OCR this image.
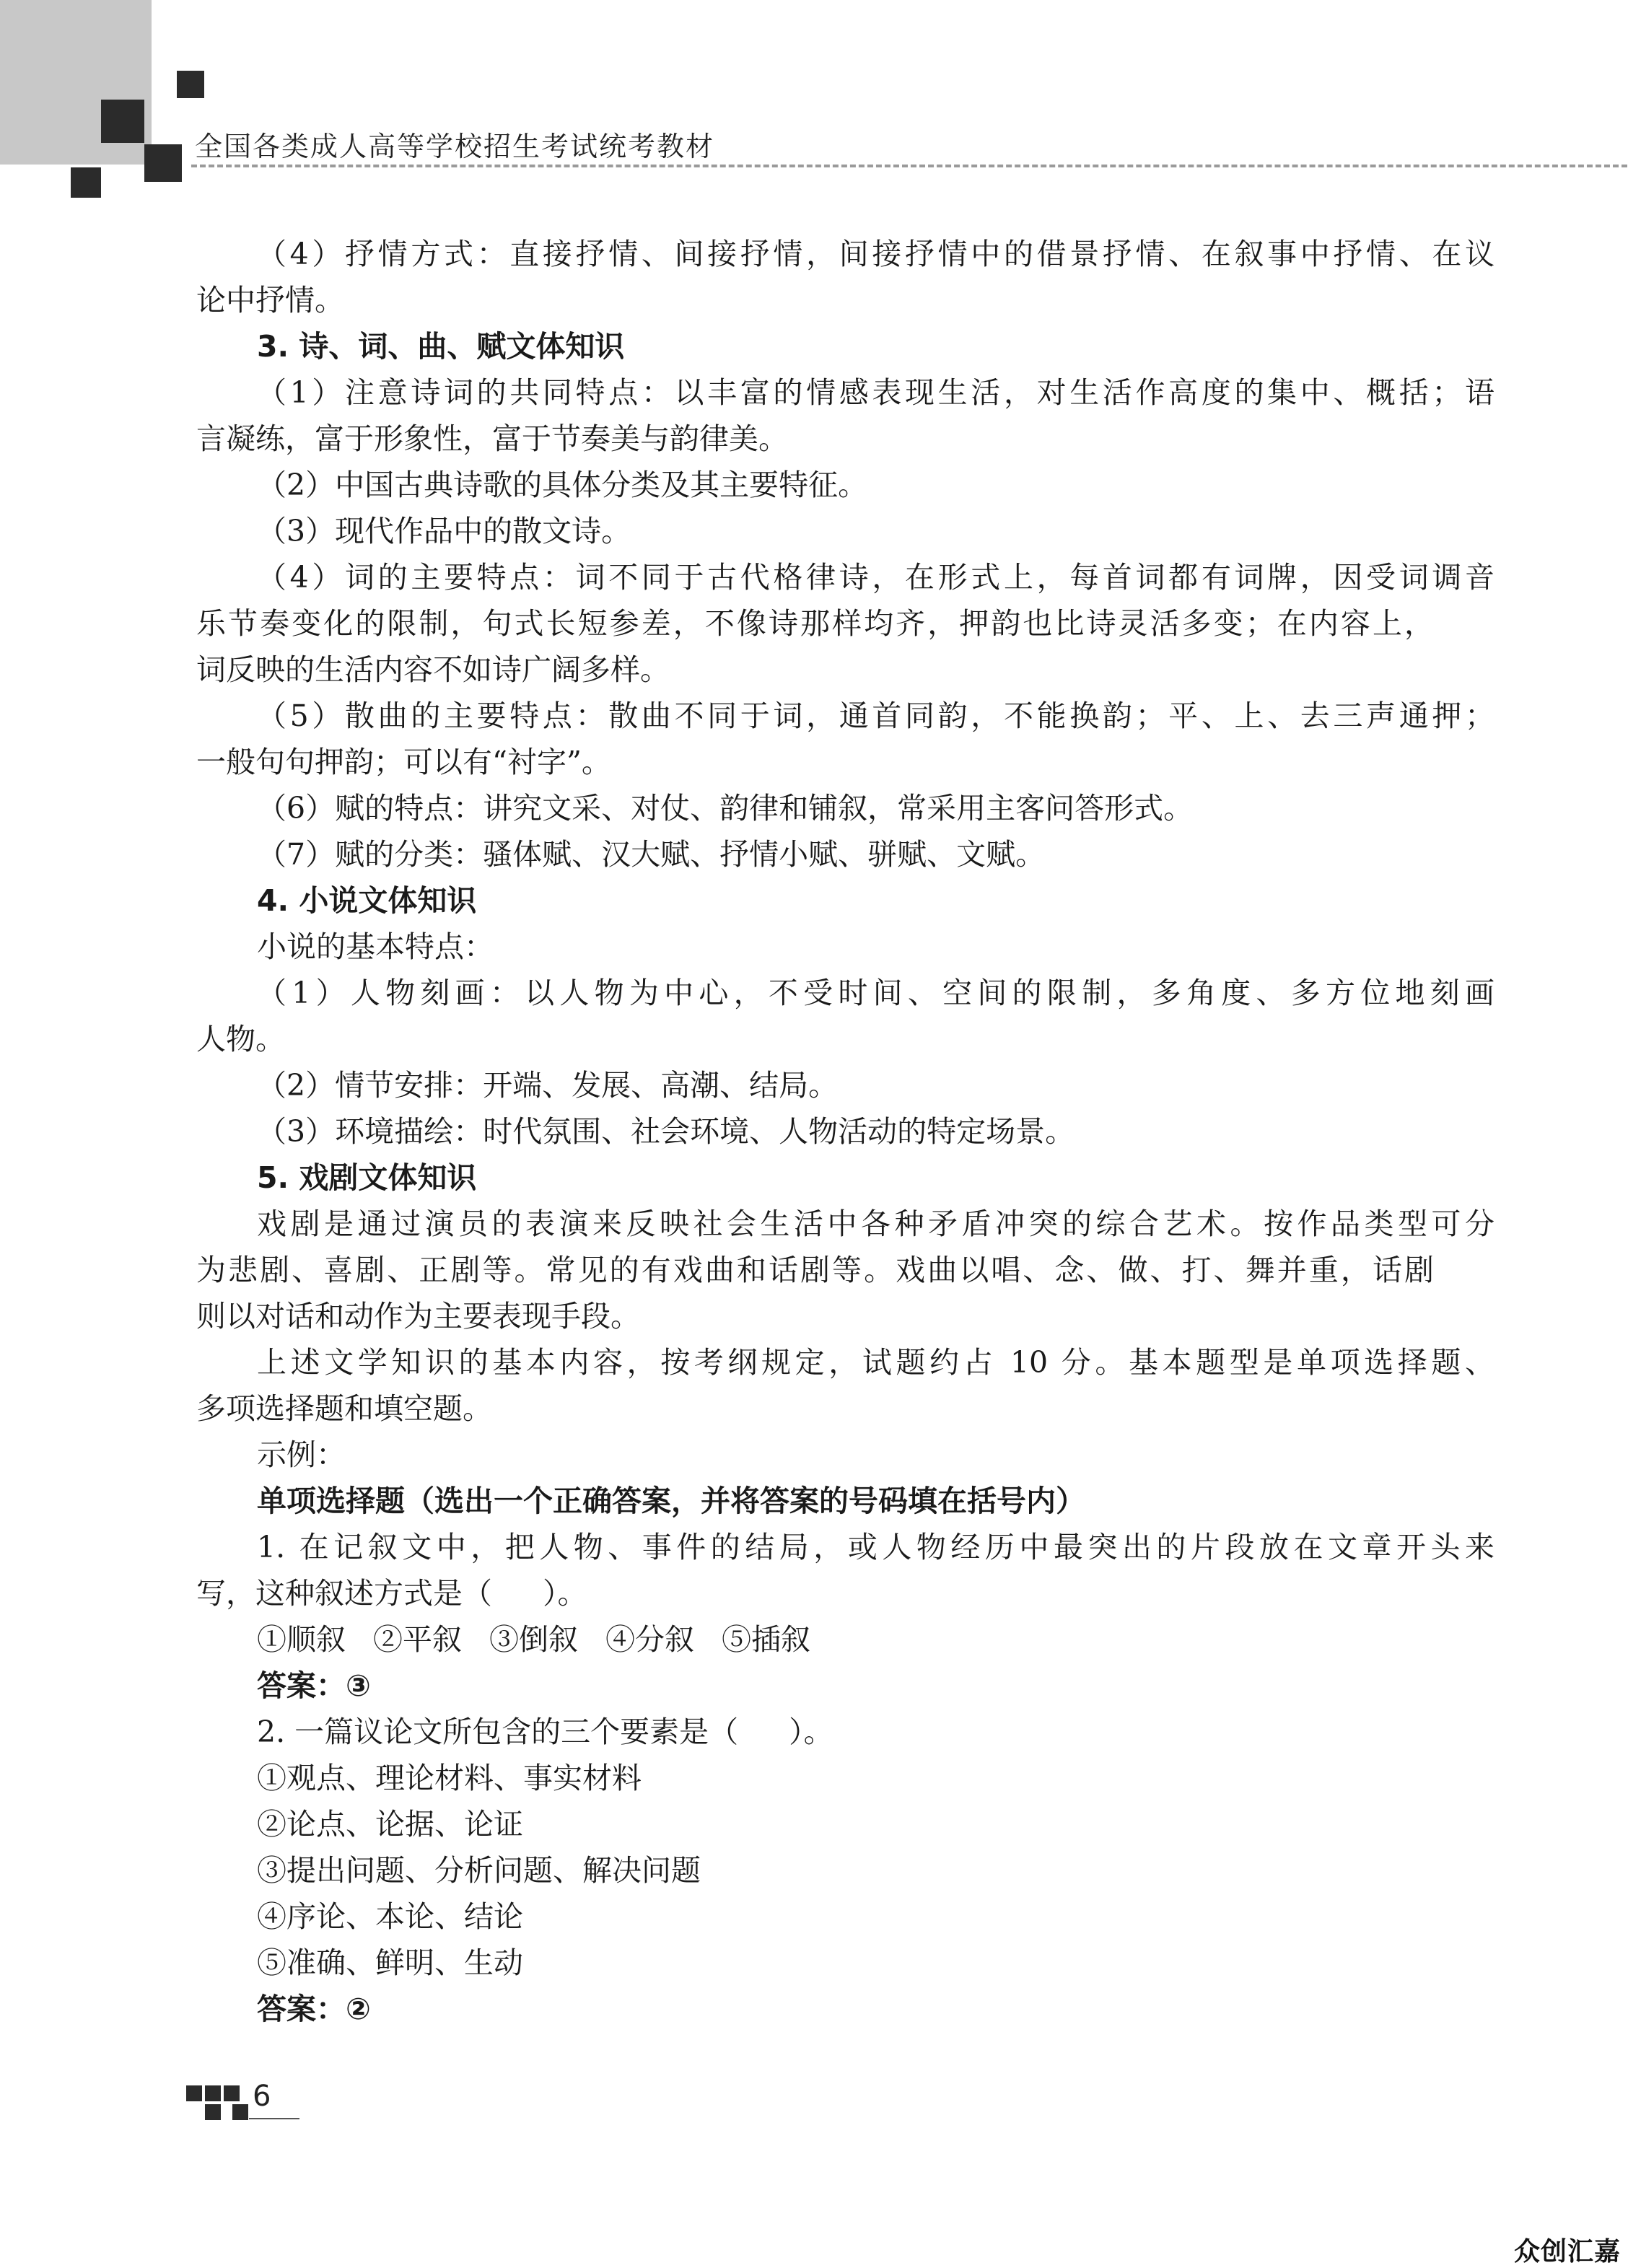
全国各类成人高等学校招生考试统考教材
（4）抒情方式：直接抒情、间接抒情，间接抒情中的借景抒情、在叙事中抒情、在议
论中抒情。
3. 诗、词、曲、赋文体知识
（1）注意诗词的共同特点：以丰富的情感表现生活，对生活作高度的集中、概括；语
言凝练，富于形象性，富于节奏美与韵律美。
（2）中国古典诗歌的具体分类及其主要特征。
（3）现代作品中的散文诗。
（4）词的主要特点：词不同于古代格律诗，在形式上，每首词都有词牌，因受词调音
乐节奏变化的限制，句式长短参差，不像诗那样均齐，押韵也比诗灵活多变；在内容上，
词反映的生活内容不如诗广阔多样。
（5）散曲的主要特点：散曲不同于词，通首同韵，不能换韵；平、上、去三声通押；
一般句句押韵；可以有“衬字”。
（6）赋的特点：讲究文采、对仗、韵律和铺叙，常采用主客问答形式。
（7）赋的分类：骚体赋、汉大赋、抒情小赋、骈赋、文赋。
4. 小说文体知识
小说的基本特点：
（1）人物刻画：以人物为中心，不受时间、空间的限制，多角度、多方位地刻画
人物。
（2）情节安排：开端、发展、高潮、结局。
（3）环境描绘：时代氛围、社会环境、人物活动的特定场景。
5. 戏剧文体知识
戏剧是通过演员的表演来反映社会生活中各种矛盾冲突的综合艺术。按作品类型可分
为悲剧、喜剧、正剧等。常见的有戏曲和话剧等。戏曲以唱、念、做、打、舞并重，话剧
则以对话和动作为主要表现手段。
上述文学知识的基本内容，按考纲规定，试题约占 10 分。基本题型是单项选择题、
多项选择题和填空题。
示例：
单项选择题（选出一个正确答案，并将答案的号码填在括号内）
1. 在记叙文中，把人物、事件的结局，或人物经历中最突出的片段放在文章开头来
写，这种叙述方式是（ ）。
①顺叙 ②平叙 ③倒叙 ④分叙 ⑤插叙
答案：③
2. 一篇议论文所包含的三个要素是（ ）。
①观点、理论材料、事实材料
②论点、论据、论证
③提出问题、分析问题、解决问题
④序论、本论、结论
⑤准确、鲜明、生动
答案：②
6
众创汇嘉
